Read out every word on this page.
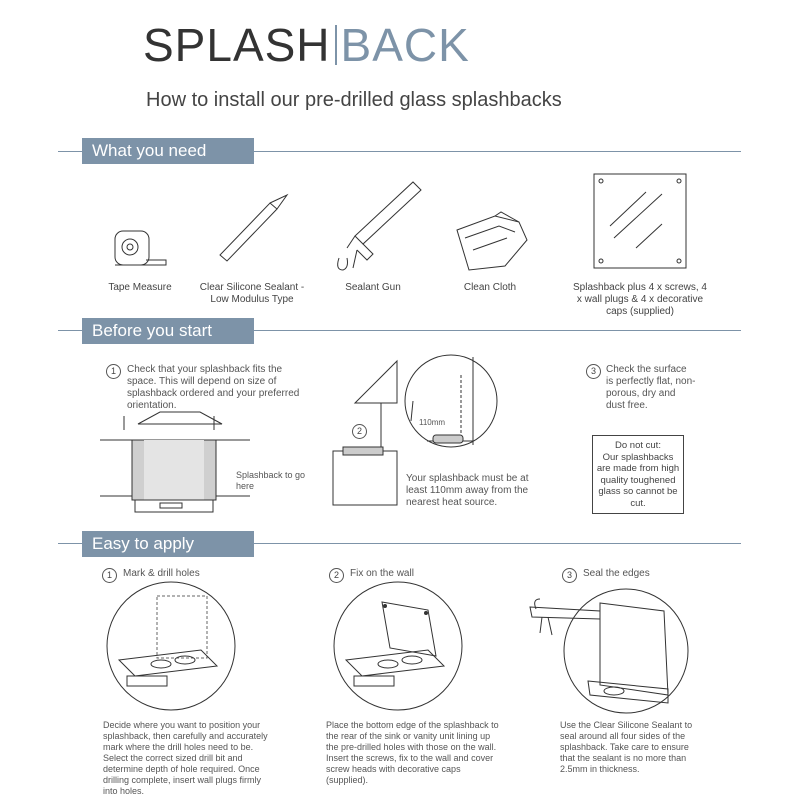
SPLASH BACK
How to install our pre-drilled glass splashbacks
What you need
Tape Measure	Clear Silicone Sealant - Low Modulus Type
Sealant Gun	Clean Cloth	Splashback plus 4 x screws, 4 x wall plugs & 4 x decorative caps (supplied)
Before you start
1	Check that your splashback fits the space. This will depend on size of splashback ordered and your preferred orientation.
Splashback to go here
2
110mm
Your splashback must be at least 110mm away from the nearest heat source.
3	Check the surface is perfectly flat, non-porous, dry and dust free.
Do not cut:
Our splashbacks are made from high quality toughened glass so cannot be cut.
Easy to apply
1	Mark & drill holes
Decide where you want to position your splashback, then carefully and accurately mark where the drill holes need to be. Select the correct sized drill bit and determine depth of hole required. Once drilling complete, insert wall plugs firmly into holes.
2	Fix on the wall
Place the bottom edge of the splashback to the rear of the sink or vanity unit lining up the pre-drilled holes with those on the wall. Insert the screws, fix to the wall and cover screw heads with decorative caps (supplied).
3	Seal the edges
Use the Clear Silicone Sealant to seal around all four sides of the splashback. Take care to ensure that the sealant is no more than 2.5mm in thickness.
